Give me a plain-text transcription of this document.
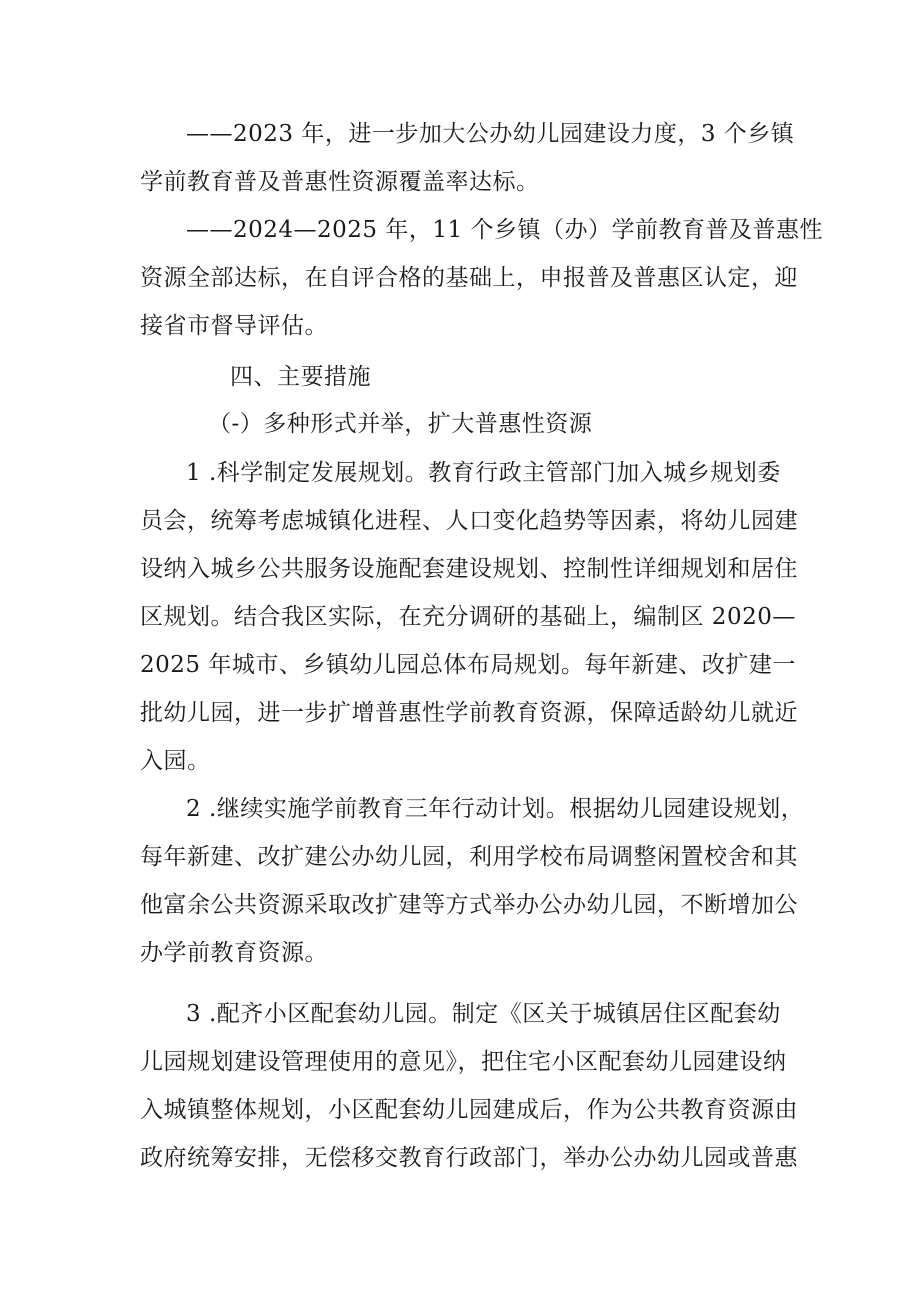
——2023 年，进一步加大公办幼儿园建设力度，3 个乡镇
学前教育普及普惠性资源覆盖率达标。
——2024—2025 年，11 个乡镇（办）学前教育普及普惠性
资源全部达标，在自评合格的基础上，申报普及普惠区认定，迎
接省市督导评估。
四、主要措施
（-）多种形式并举，扩大普惠性资源
1 .科学制定发展规划。教育行政主管部门加入城乡规划委
员会，统筹考虑城镇化进程、人口变化趋势等因素，将幼儿园建
设纳入城乡公共服务设施配套建设规划、控制性详细规划和居住
区规划。结合我区实际，在充分调研的基础上，编制区 2020—
2025 年城市、乡镇幼儿园总体布局规划。每年新建、改扩建一
批幼儿园，进一步扩增普惠性学前教育资源，保障适龄幼儿就近
入园。
2 .继续实施学前教育三年行动计划。根据幼儿园建设规划，
每年新建、改扩建公办幼儿园，利用学校布局调整闲置校舍和其
他富余公共资源采取改扩建等方式举办公办幼儿园，不断增加公
办学前教育资源。
3 .配齐小区配套幼儿园。制定《区关于城镇居住区配套幼
儿园规划建设管理使用的意见》，把住宅小区配套幼儿园建设纳
入城镇整体规划，小区配套幼儿园建成后，作为公共教育资源由
政府统筹安排，无偿移交教育行政部门，举办公办幼儿园或普惠
